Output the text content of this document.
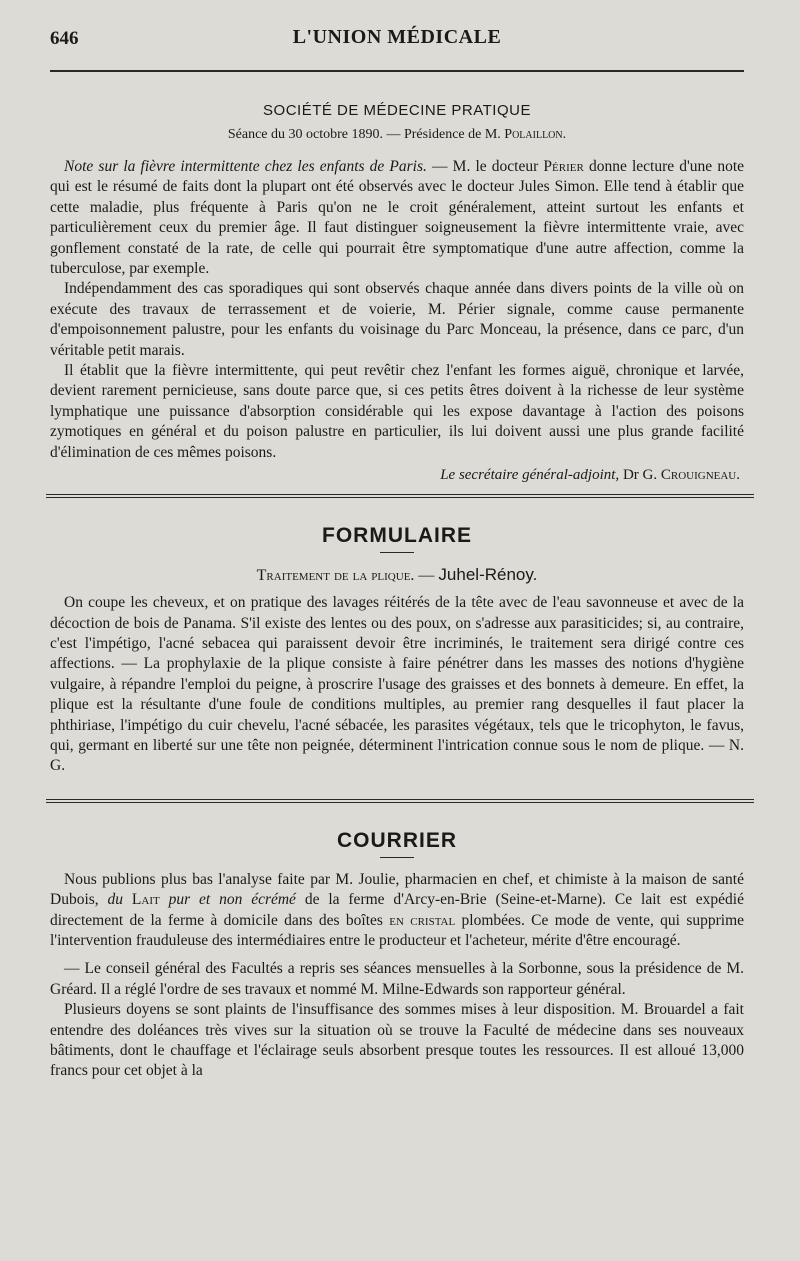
646	L'UNION MÉDICALE
SOCIÉTÉ DE MÉDECINE PRATIQUE
Séance du 30 octobre 1890. — Présidence de M. Polaillon.

Note sur la fièvre intermittente chez les enfants de Paris. — M. le docteur Périer donne lecture d'une note qui est le résumé de faits dont la plupart ont été observés avec le docteur Jules Simon. Elle tend à établir que cette maladie, plus fréquente à Paris qu'on ne le croit généralement, atteint surtout les enfants et particulièrement ceux du premier âge. Il faut distinguer soigneusement la fièvre intermittente vraie, avec gonflement constaté de la rate, de celle qui pourrait être symptomatique d'une autre affection, comme la tuberculose, par exemple.

Indépendamment des cas sporadiques qui sont observés chaque année dans divers points de la ville où on exécute des travaux de terrassement et de voierie, M. Périer signale, comme cause permanente d'empoisonnement palustre, pour les enfants du voisinage du Parc Monceau, la présence, dans ce parc, d'un véritable petit marais.

Il établit que la fièvre intermittente, qui peut revêtir chez l'enfant les formes aiguë, chronique et larvée, devient rarement pernicieuse, sans doute parce que, si ces petits êtres doivent à la richesse de leur système lymphatique une puissance d'absorption considérable qui les expose davantage à l'action des poisons zymotiques en général et du poison palustre en particulier, ils lui doivent aussi une plus grande facilité d'élimination de ces mêmes poisons.

Le secrétaire général-adjoint, Dr G. Crouigneau.
FORMULAIRE
Traitement de la plique. — Juhel-Rénoy.

On coupe les cheveux, et on pratique des lavages réitérés de la tête avec de l'eau savonneuse et avec de la décoction de bois de Panama. S'il existe des lentes ou des poux, on s'adresse aux parasiticides; si, au contraire, c'est l'impétigo, l'acné sebacea qui paraissent devoir être incriminés, le traitement sera dirigé contre ces affections. — La prophylaxie de la plique consiste à faire pénétrer dans les masses des notions d'hygiène vulgaire, à répandre l'emploi du peigne, à proscrire l'usage des graisses et des bonnets à demeure. En effet, la plique est la résultante d'une foule de conditions multiples, au premier rang desquelles il faut placer la phthiriase, l'impétigo du cuir chevelu, l'acné sébacée, les parasites végétaux, tels que le tricophyton, le favus, qui, germant en liberté sur une tête non peignée, déterminent l'intrication connue sous le nom de plique. — N. G.

COURRIER

Nous publions plus bas l'analyse faite par M. Joulie, pharmacien en chef, et chimiste à la maison de santé Dubois, du Lait pur et non écrémé de la ferme d'Arcy-en-Brie (Seine-et-Marne). Ce lait est expédié directement de la ferme à domicile dans des boîtes en cristal plombées. Ce mode de vente, qui supprime l'intervention frauduleuse des intermédiaires entre le producteur et l'acheteur, mérite d'être encouragé.

— Le conseil général des Facultés a repris ses séances mensuelles à la Sorbonne, sous la présidence de M. Gréard. Il a réglé l'ordre de ses travaux et nommé M. Milne-Edwards son rapporteur général.

Plusieurs doyens se sont plaints de l'insuffisance des sommes mises à leur disposition. M. Brouardel a fait entendre des doléances très vives sur la situation où se trouve la Faculté de médecine dans ses nouveaux bâtiments, dont le chauffage et l'éclairage seuls absorbent presque toutes les ressources. Il est alloué 13,000 francs pour cet objet à la
